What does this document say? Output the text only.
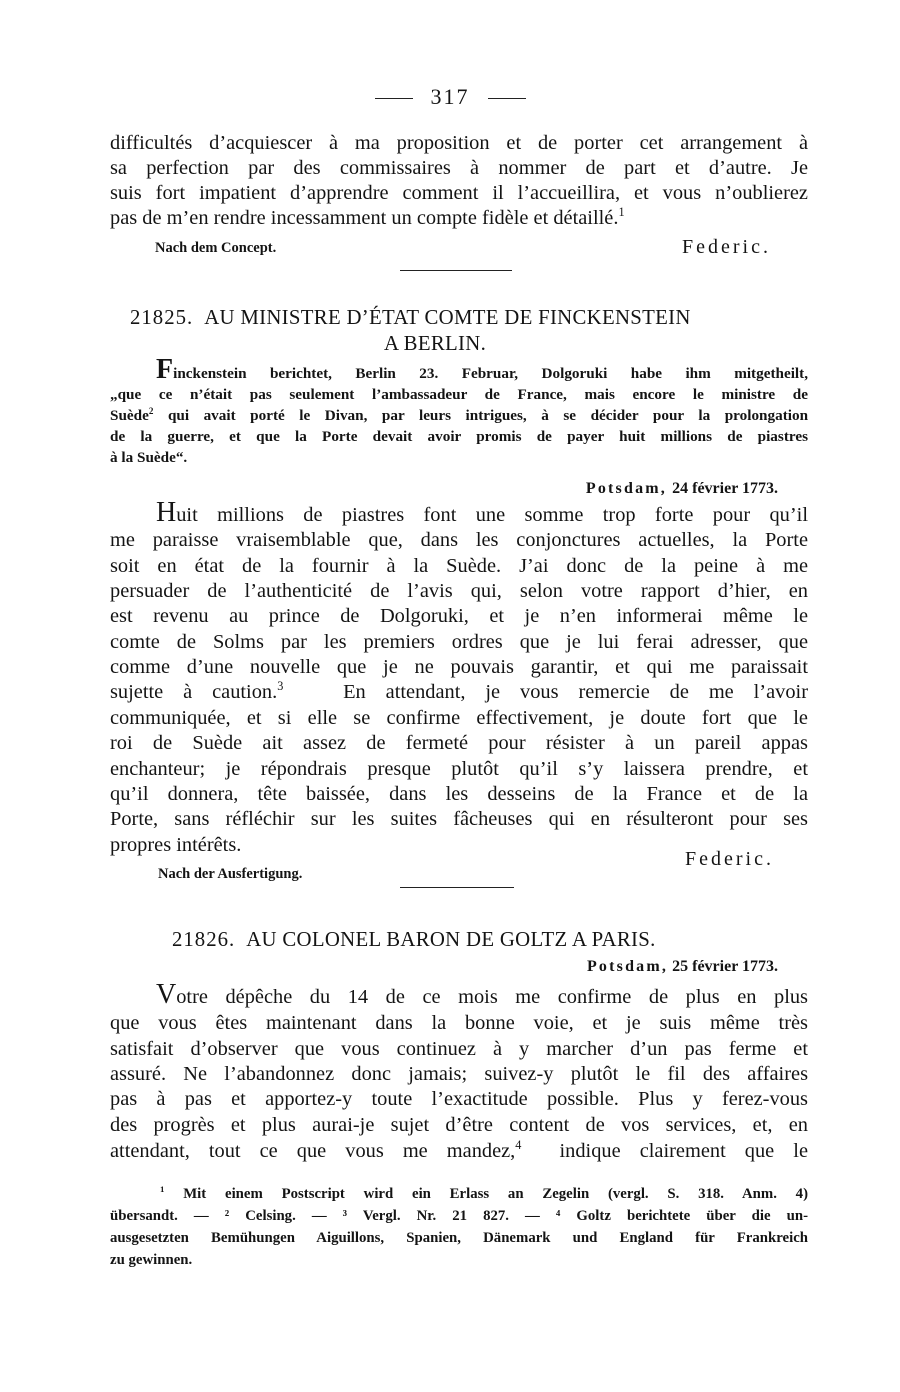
317
difficultés d’acquiescer à ma proposition et de porter cet arrangement à
sa perfection par des commissaires à nommer de part et d’autre. Je
suis fort impatient d’apprendre comment il l’accueillira, et vous n’oublierez
pas de m’en rendre incessamment un compte fidèle et détaillé.$^1$
Nach dem Concept.	Federic.
21825. AU MINISTRE D’ÉTAT COMTE DE FINCKENSTEIN
A BERLIN.
Finckenstein berichtet, Berlin 23. Februar, Dolgoruki habe ihm mitgetheilt,
„que ce n’était pas seulement l’ambassadeur de France, mais encore le ministre de
Suède$^2$ qui avait porté le Divan, par leurs intrigues, à se décider pour la prolongation
de la guerre, et que la Porte devait avoir promis de payer huit millions de piastres
à la Suède“.
Potsdam, 24 février 1773.
Huit millions de piastres font une somme trop forte pour qu’il
me paraisse vraisemblable que, dans les conjonctures actuelles, la Porte
soit en état de la fournir à la Suède. J’ai donc de la peine à me
persuader de l’authenticité de l’avis qui, selon votre rapport d’hier, en
est revenu au prince de Dolgoruki, et je n’en informerai même le
comte de Solms par les premiers ordres que je lui ferai adresser, que
comme d’une nouvelle que je ne pouvais garantir, et qui me paraissait
sujette à caution.$^3$	En attendant, je vous remercie de me l’avoir
communiquée, et si elle se confirme effectivement, je doute fort que le
roi de Suède ait assez de fermeté pour résister à un pareil appas
enchanteur; je répondrais presque plutôt qu’il s’y laissera prendre, et
qu’il donnera, tête baissée, dans les desseins de la France et de la
Porte, sans réfléchir sur les suites fâcheuses qui en résulteront pour ses
propres intérêts.
Federic.
Nach der Ausfertigung.
21826. AU COLONEL BARON DE GOLTZ A PARIS.
Potsdam, 25 février 1773.
Votre dépêche du 14 de ce mois me confirme de plus en plus
que vous êtes maintenant dans la bonne voie, et je suis même très
satisfait d’observer que vous continuez à y marcher d’un pas ferme et
assuré. Ne l’abandonnez donc jamais; suivez-y plutôt le fil des affaires
pas à pas et apportez-y toute l’exactitude possible. Plus y ferez-vous
des progrès et plus aurai-je sujet d’être content de vos services, et, en
attendant, tout ce que vous me mandez,$^4$ indique clairement que le
$^1$ Mit einem Postscript wird ein Erlass an Zegelin (vergl. S. 318. Anm. 4)
übersandt. — ² Celsing. — ³ Vergl. Nr. 21 827. — ⁴ Goltz berichtete über die un-
ausgesetzten Bemühungen Aiguillons, Spanien, Dänemark und England für Frankreich
zu gewinnen.
